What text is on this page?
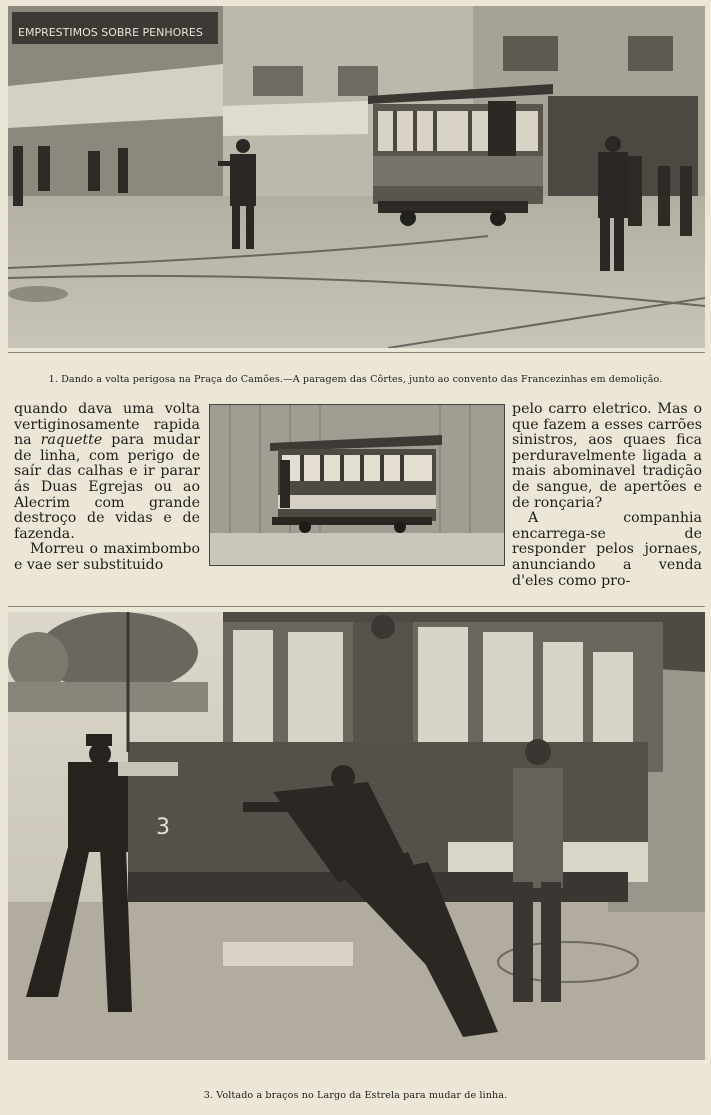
EMPRESTIMOS SOBRE PENHORES
1. Dando a volta perigosa na Praça do Camões.—A paragem das Côrtes, junto ao convento das Francezinhas em demolição.

quando dava uma volta vertiginosamente rapida na raquette para mudar de linha, com perigo de saír das calhas e ir parar ás Duas Egrejas ou ao Alecrim com grande destroço de vidas e de fazenda.

Morreu o maximbombo e vae ser substituido

pelo carro eletrico. Mas o que fazem a esses carrões sinistros, aos quaes fica perduravelmente ligada a mais abominavel tradição de sangue, de apertões e de ronçaria?

A companhia encarrega-se de responder pelos jornaes, anunciando a venda d'eles como pro-

3
3. Voltado a braços no Largo da Estrela para mudar de linha.
